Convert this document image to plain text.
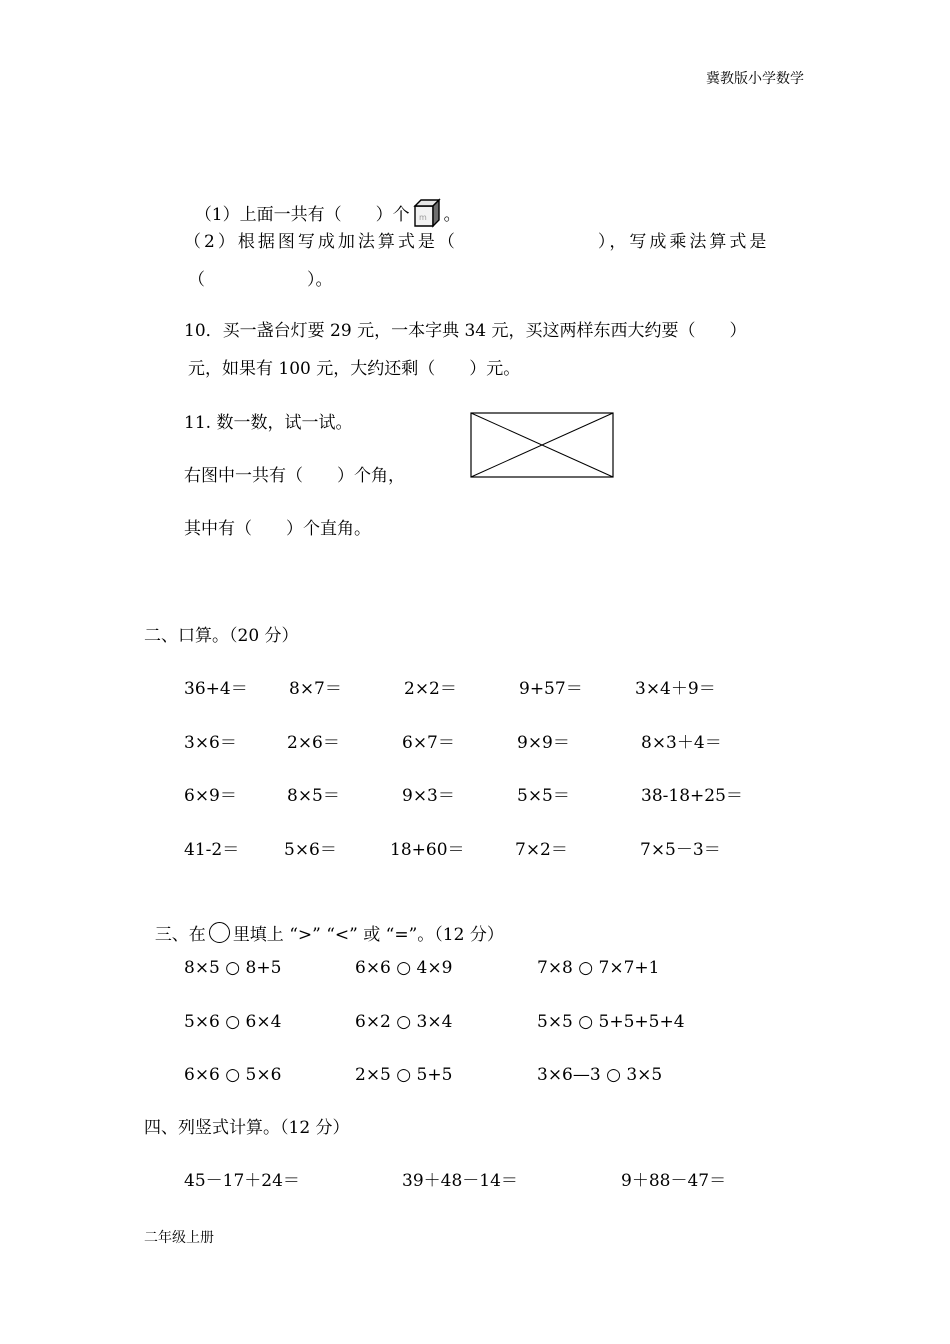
冀教版小学数学
二年级上册

（1）上面一共有（　　）个 m 。

（2）根据图写成加法算式是（　　　　　　　），写成乘法算式是
（　　　　　　）。
10．买一盏台灯要 29 元，一本字典 34 元，买这两样东西大约要（　　）
元，如果有 100 元，大约还剩（　　）元。
11. 数一数，试一试。
右图中一共有（　　）个角，
其中有（　　）个直角。
二、口算。（20 分）
36+4＝ 8×7＝	2×2＝	9+57＝	3×4＋9＝
3×6＝	2×6＝	6×7＝	9×9＝	8×3＋4＝
6×9＝	8×5＝	9×3＝	5×5＝	38-18+25＝
41-2＝	5×6＝	18+60＝	7×2＝	7×5－3＝

三、在 里填上 “>” “<” 或 “=”。（12 分）

8×5 ○ 8+5	6×6 ○ 4×9	7×8 ○ 7×7+1
5×6 ○ 6×4	6×2 ○ 3×4	5×5 ○ 5+5+5+4
6×6 ○ 5×6	2×5 ○ 5+5	3×6—3 ○ 3×5
四、列竖式计算。（12 分）
45－17＋24＝	39＋48－14＝	9＋88－47＝
